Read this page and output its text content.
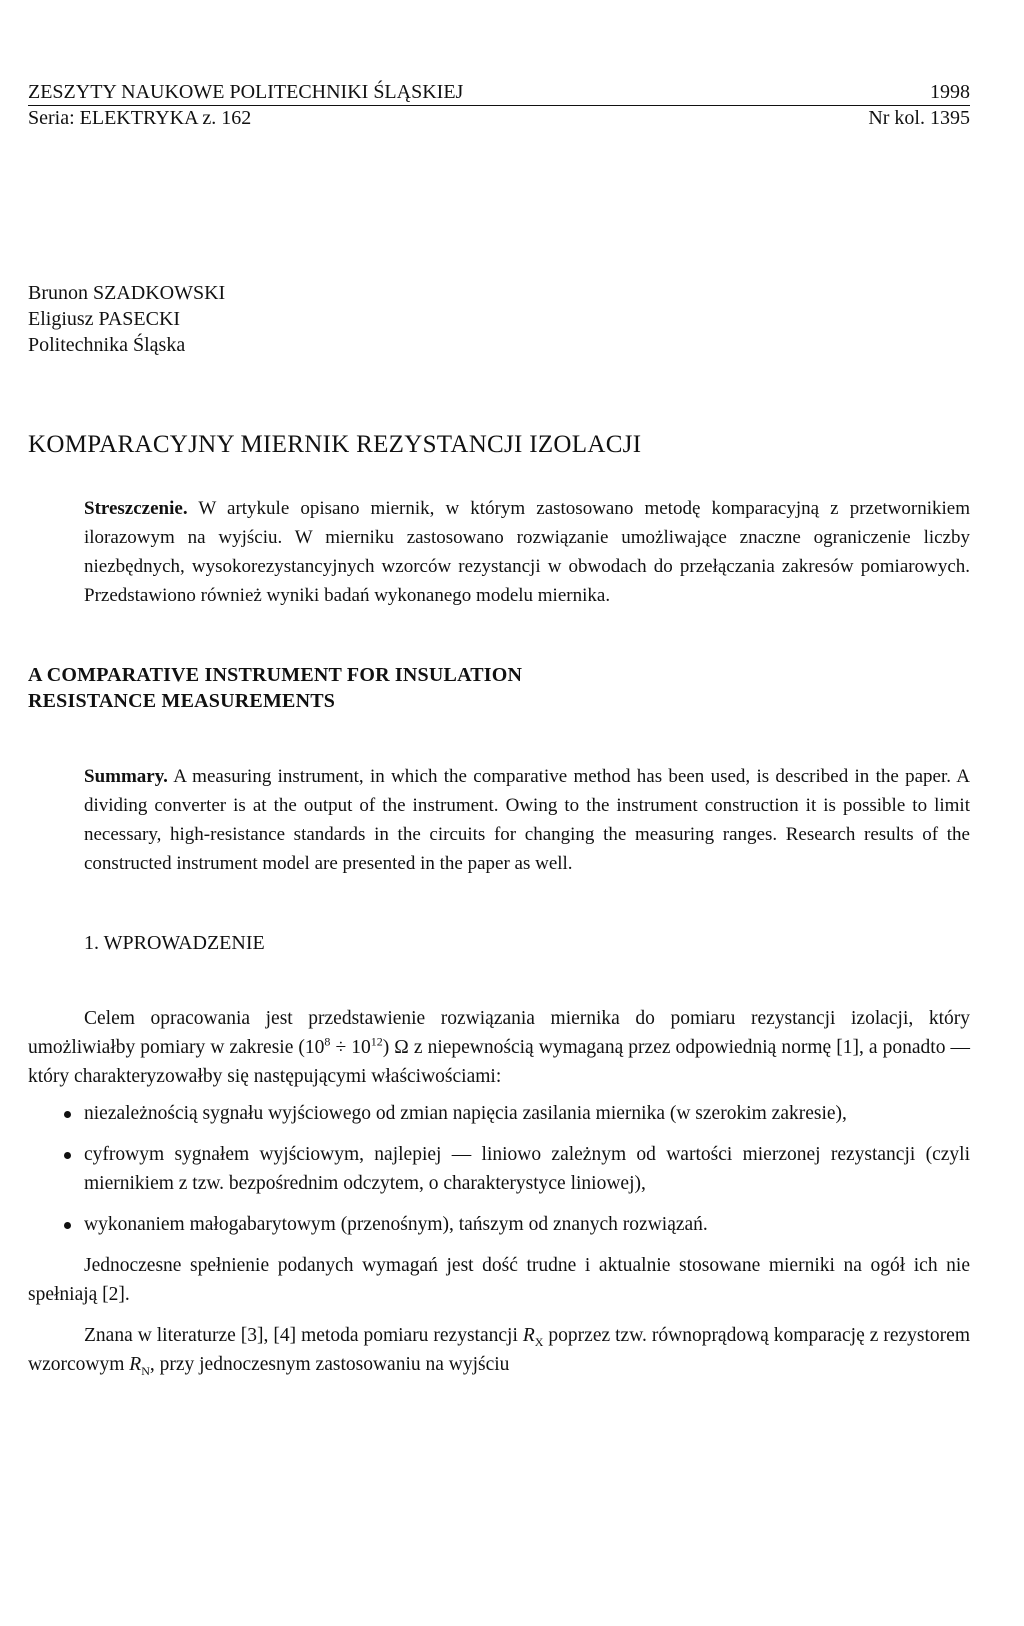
ZESZYTY NAUKOWE POLITECHNIKI ŚLĄSKIEJ	1998
Seria: ELEKTRYKA z. 162	Nr kol. 1395
Brunon SZADKOWSKI
Eligiusz PASECKI
Politechnika Śląska
KOMPARACYJNY MIERNIK REZYSTANCJI IZOLACJI
Streszczenie. W artykule opisano miernik, w którym zastosowano metodę komparacyjną z przetwornikiem ilorazowym na wyjściu. W mierniku zastosowano rozwiązanie umożliwające znaczne ograniczenie liczby niezbędnych, wysokorezystancyjnych wzorców rezystancji w obwodach do przełączania zakresów pomiarowych. Przedstawiono również wyniki badań wykonanego modelu miernika.
A COMPARATIVE INSTRUMENT FOR INSULATION
RESISTANCE MEASUREMENTS
Summary. A measuring instrument, in which the comparative method has been used, is described in the paper. A dividing converter is at the output of the instrument. Owing to the instrument construction it is possible to limit necessary, high-resistance standards in the circuits for changing the measuring ranges. Research results of the constructed instrument model are presented in the paper as well.
1. WPROWADZENIE

Celem opracowania jest przedstawienie rozwiązania miernika do pomiaru rezystancji izolacji, który umożliwiałby pomiary w zakresie $(10^8 \div 10^{12})$ Ω z niepewnością wymaganą przez odpowiednią normę [1], a ponadto — który charakteryzowałby się następującymi właściwościami:

niezależnością sygnału wyjściowego od zmian napięcia zasilania miernika (w szerokim zakresie),
cyfrowym sygnałem wyjściowym, najlepiej — liniowo zależnym od wartości mierzonej rezystancji (czyli miernikiem z tzw. bezpośrednim odczytem, o charakterystyce liniowej),
wykonaniem małogabarytowym (przenośnym), tańszym od znanych rozwiązań.

Jednoczesne spełnienie podanych wymagań jest dość trudne i aktualnie stosowane mierniki na ogół ich nie spełniają [2].

Znana w literaturze [3], [4] metoda pomiaru rezystancji $R_X$ poprzez tzw. równoprądową komparację z rezystorem wzorcowym $R_N$, przy jednoczesnym zastosowaniu na wyjściu
